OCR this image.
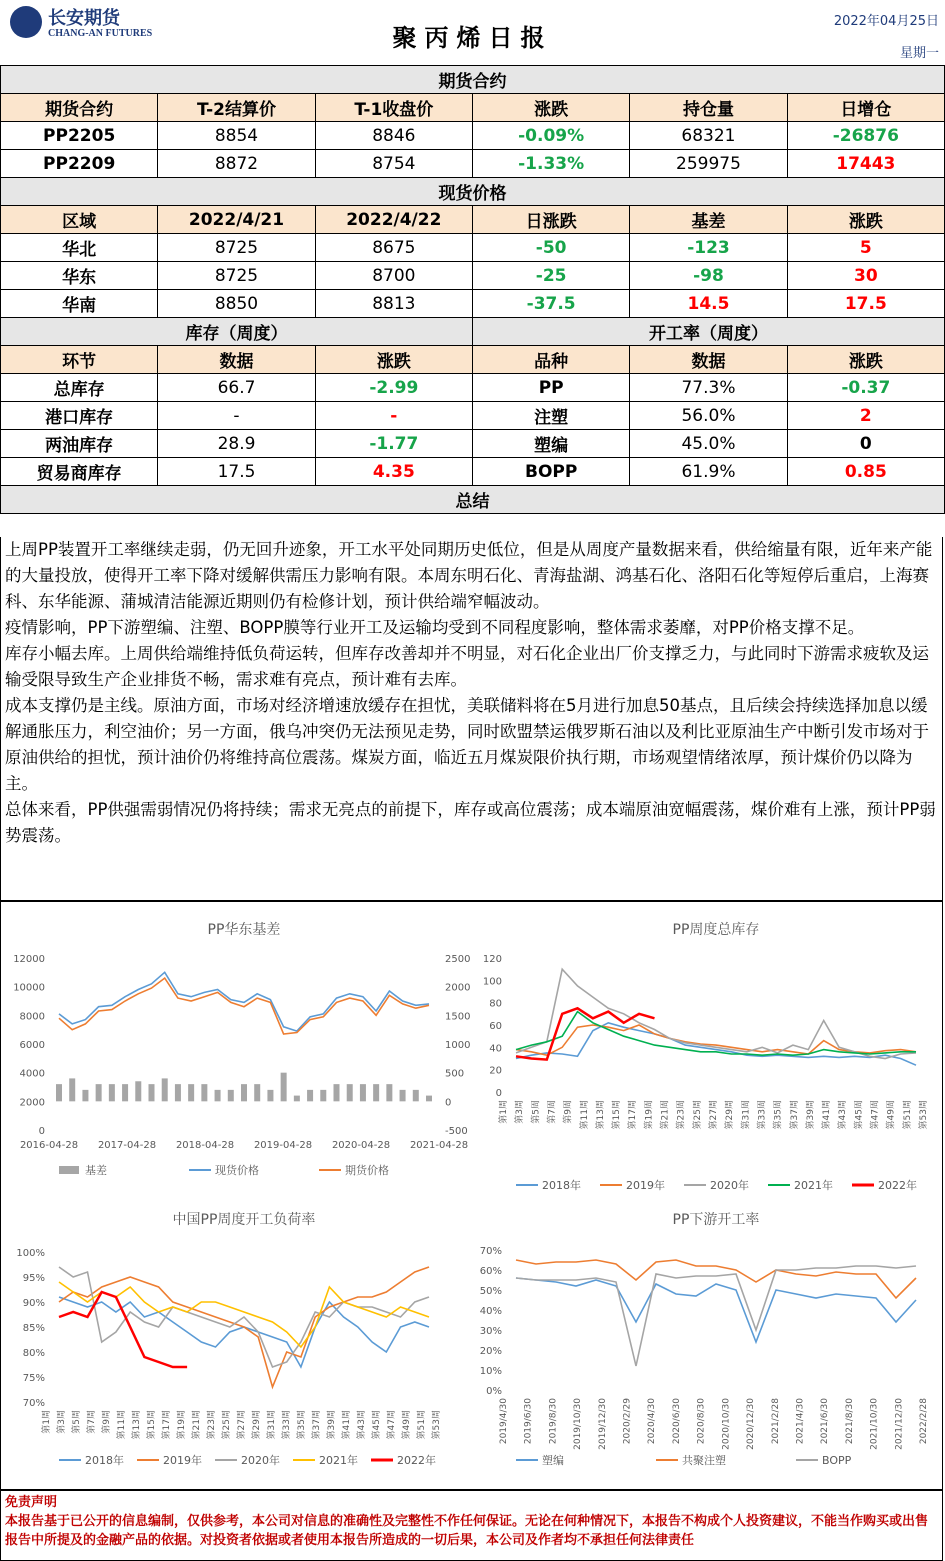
长安期货
CHANG-AN FUTURES	聚丙烯日报
2022年04月25日
星期一
期货合约					
期货合约	T-2结算价	T-1收盘价	涨跌	持仓量	日增仓
PP2205	8854	8846	-0.09%	68321	-26876
PP2209	8872	8754	-1.33%	259975	17443
现货价格					
区域	2022/4/21	2022/4/22	日涨跌	基差	涨跌
华北	8725	8675	-50	-123	5
华东	8725	8700	-25	-98	30
华南	8850	8813	-37.5	14.5	17.5
库存（周度）			开工率（周度）		
环节	数据	涨跌	品种	数据	涨跌
总库存	66.7	-2.99	PP	77.3%	-0.37
港口库存	-	-	注塑	56.0%	2
两油库存	28.9	-1.77	塑编	45.0%	0
贸易商库存	17.5	4.35	BOPP	61.9%	0.85
总结					

上周PP装置开工率继续走弱，仍无回升迹象，开工水平处同期历史低位，但是从周度产量数据来看，供给缩量有限，近年来产能的大量投放，使得开工率下降对缓解供需压力影响有限。本周东明石化、青海盐湖、鸿基石化、洛阳石化等短停后重启，上海赛科、东华能源、蒲城清洁能源近期则仍有检修计划，预计供给端窄幅波动。

疫情影响，PP下游塑编、注塑、BOPP膜等行业开工及运输均受到不同程度影响，整体需求萎靡，对PP价格支撑不足。

库存小幅去库。上周供给端维持低负荷运转，但库存改善却并不明显，对石化企业出厂价支撑乏力，与此同时下游需求疲软及运输受限导致生产企业排货不畅，需求难有亮点，预计难有去库。

成本支撑仍是主线。原油方面，市场对经济增速放缓存在担忧，美联储料将在5月进行加息50基点，且后续会持续选择加息以缓解通胀压力，利空油价；另一方面，俄乌冲突仍无法预见走势，同时欧盟禁运俄罗斯石油以及利比亚原油生产中断引发市场对于原油供给的担忧，预计油价仍将维持高位震荡。煤炭方面，临近五月煤炭限价执行期，市场观望情绪浓厚，预计煤价仍以降为主。

总体来看，PP供强需弱情况仍将持续；需求无亮点的前提下，库存或高位震荡；成本端原油宽幅震荡，煤价难有上涨，预计PP弱势震荡。

PP华东基差
12000
10000
8000
6000
4000
2000
0
2500
2000
1500
1000
500
0
-500
2016-04-28 2017-04-28 2018-04-28 2019-04-28 2020-04-28 2021-04-28
基差	现货价格	期货价格
PP周度总库存
120
100
80
60
40
20
0
第1周 第3周 第5周 第7周 第9周 第11周 第13周 第15周 第17周 第19周 第21周 第23周 第25周 第27周 第29周 第31周 第33周 第35周 第37周 第39周 第41周 第43周 第45周 第47周 第49周 第51周 第53周
2018年	2019年	2020年	2021年	2022年
中国PP周度开工负荷率
100%
95%
90%
85%
80%
75%
70%
第1周 第3周 第5周 第7周 第9周 第11周 第13周 第15周 第17周 第19周 第21周 第23周 第25周 第27周 第29周 第31周 第33周 第35周 第37周 第39周 第41周 第43周 第45周 第47周 第49周 第51周 第53周
2018年	2019年	2020年	2021年	2022年
PP下游开工率
70%
60%
50%
40%
30%
20%
10%
0%
2019/4/30 2019/6/30 2019/8/30 2019/10/30 2019/12/30 2020/2/29 2020/4/30 2020/6/30 2020/8/30 2020/10/30 2020/12/30 2021/2/28 2021/4/30 2021/6/30 2021/8/30 2021/10/30 2021/12/30 2022/2/28
塑编	共聚注塑	BOPP
免责声明
本报告基于已公开的信息编制，仅供参考，本公司对信息的准确性及完整性不作任何保证。无论在何种情况下，本报告不构成个人投资建议，不能当作购买或出售报告中所提及的金融产品的依据。对投资者依据或者使用本报告所造成的一切后果，本公司及作者均不承担任何法律责任
